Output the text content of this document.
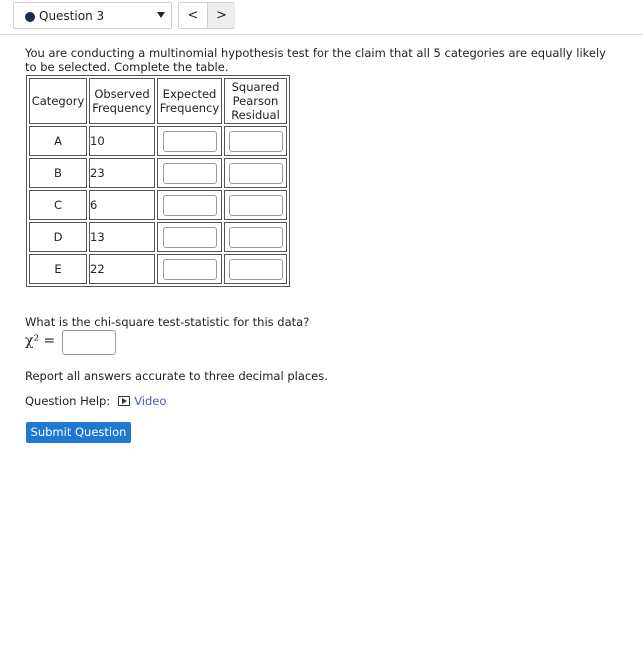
Question 3	<	>
You are conducting a multinomial hypothesis test for the claim that all 5 categories are equally likely to be selected. Complete the table.
Category	Observed Frequency	Expected Frequency	Squared Pearson Residual
A	10		
B	23		
C	6		
D	13		
E	22		
What is the chi-square test-statistic for this data?
χ² =
Report all answers accurate to three decimal places.
Question Help: Video
Submit Question
